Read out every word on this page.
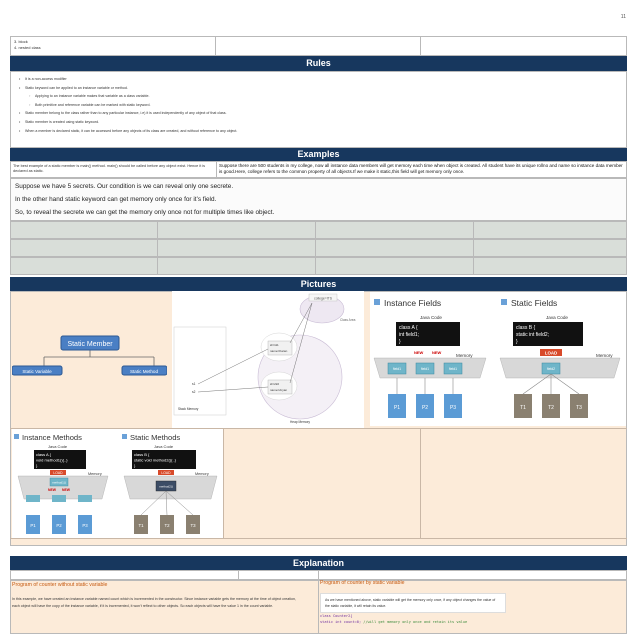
11
3. block
4. nested class
Rules
• It is a non-access modifier
• Static keyword can be applied to an instance variable or method.
◦ Applying to an instance variable makes that variable as a class variable.
◦ Both primitive and reference variable can be marked with static keyword.
• Static member belong to the class rather than to any particular instance, i.e) it is used independently of any object of that class.
• Static member is created using static keyword.
• When a member is declared static, it can be accessed before any objects of its class are created, and without reference to any object.
Examples
The best example of a static member is main() method. main() should be called before any object exist. Hence it is declared as static.
Suppose there are 500 students in my college, now all instance data members will get memory each time when object is created. All student have its unique rollno and name so instance data member is good.Here, college refers to the common property of all objects.If we make it static,this field will get memory only once.
Suppose we have 5 secrets. Our condition is we can reveal only one secrete.
In the other hand static keyword can get memory only once for it’s field.
So, to reveal the secrete we can get the memory only once not for multiple times like object.
Pictures
Static Member
Static Variable	Static Method
college=ITS
Class Area
s1
s2
Stack Memory
id=111
name=Karan
id=222
name=Aryan
Heap Memory
Instance Fields
Java Code
class A {
int field1;
}
NEW NEW
Memory
field1	field1	field1
P1	P2	P3
Static Fields
Java Code
class B {
static int field2;
}
LOAD	Memory
field2
T1	T2	T3
Instance Methods
Java Code
class A {
void method1(){..}
}
LOAD	Memory
method1()
NEW NEW
P1	P2	P3
Static Methods
Java Code
class B {
static void method2(){..}
}
LOAD	Memory
method2()
T1	T2	T3
Explanation
Program of counter without static variable
In this example, we have created an instance variable named count which is incremented in the constructor. Since instance variable gets the memory at the time of object creation, each object will have the copy of the instance variable, if it is incremented, it won't reflect to other objects. So each objects will have the value 1 in the count variable.
Program of counter by static variable
As we have mentioned above, static variable will get the memory only once, if any object changes the value of the static variable, it will retain its value.
class Counter2{
static int count=0; //will get memory only once and retain its value
